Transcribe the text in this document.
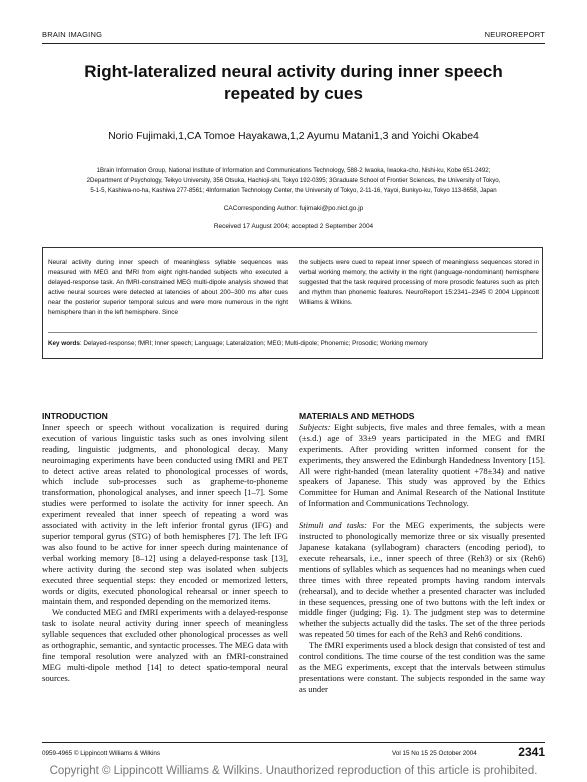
BRAIN IMAGING	NEUROREPORT
Right-lateralized neural activity during inner speech repeated by cues
Norio Fujimaki,1,CA Tomoe Hayakawa,1,2 Ayumu Matani1,3 and Yoichi Okabe4
1Brain Information Group, National Institute of Information and Communications Technology, 588-2 Iwaoka, Iwaoka-cho, Nishi-ku, Kobe 651-2492;
2Department of Psychology, Teikyo University, 356 Otsuka, Hachioji-shi, Tokyo 192-0395; 3Graduate School of Frontier Sciences, the University of Tokyo,
5-1-5, Kashiwa-no-ha, Kashiwa 277-8561; 4Information Technology Center, the University of Tokyo, 2-11-16, Yayoi, Bunkyo-ku, Tokyo 113-8658, Japan
CACorresponding Author: fujimaki@po.nict.go.jp
Received 17 August 2004; accepted 2 September 2004
Neural activity during inner speech of meaningless syllable sequences was measured with MEG and fMRI from eight right-handed subjects who executed a delayed-response task. An fMRI-constrained MEG multi-dipole analysis showed that active neural sources were detected at latencies of about 200–300 ms after cues near the posterior superior temporal sulcus and were more numerous in the right hemisphere than in the left hemisphere. Since
the subjects were cued to repeat inner speech of meaningless sequences stored in verbal working memory, the activity in the right (language-nondominant) hemisphere suggested that the task required processing of more prosodic features such as pitch and rhythm than phonemic features. NeuroReport 15:2341–2345 © 2004 Lippincott Williams & Wilkins.
Key words: Delayed-response; fMRI; Inner speech; Language; Lateralization; MEG; Multi-dipole; Phonemic; Prosodic; Working memory

INTRODUCTION

Inner speech or speech without vocalization is required during execution of various linguistic tasks such as ones involving silent reading, linguistic judgments, and phonological decay. Many neuroimaging experiments have been conducted using fMRI and PET to detect active areas related to phonological processes of words, which include sub-processes such as grapheme-to-phoneme transformation, phonological analyses, and inner speech [1–7]. Some studies were performed to isolate the activity for inner speech. An experiment revealed that inner speech of repeating a word was associated with activity in the left inferior frontal gyrus (IFG) and superior temporal gyrus (STG) of both hemispheres [7]. The left IFG was also found to be active for inner speech during maintenance of verbal working memory [8–12] using a delayed-response task [13], where activity during the second step was isolated when subjects executed three sequential steps: they encoded or memorized letters, words or digits, executed phonological rehearsal or inner speech to maintain them, and responded depending on the memorized items.

We conducted MEG and fMRI experiments with a delayed-response task to isolate neural activity during inner speech of meaningless syllable sequences that excluded other phonological processes as well as orthographic, semantic, and syntactic processes. The MEG data with fine temporal resolution were analyzed with an fMRI-constrained MEG multi-dipole method [14] to detect spatio-temporal neural sources.

MATERIALS AND METHODS

Subjects: Eight subjects, five males and three females, with a mean (±s.d.) age of 33±9 years participated in the MEG and fMRI experiments. After providing written informed consent for the experiments, they answered the Edinburgh Handedness Inventory [15]. All were right-handed (mean laterality quotient +78±34) and native speakers of Japanese. This study was approved by the Ethics Committee for Human and Animal Research of the National Institute of Information and Communications Technology.

Stimuli and tasks: For the MEG experiments, the subjects were instructed to phonologically memorize three or six visually presented Japanese katakana (syllabogram) characters (encoding period), to execute rehearsals, i.e., inner speech of three (Reh3) or six (Reh6) mentions of syllables which as sequences had no meanings when cued three times with three repeated prompts having random intervals (rehearsal), and to decide whether a presented character was included in these sequences, pressing one of two buttons with the left index or middle finger (judging; Fig. 1). The judgment step was to determine whether the subjects actually did the tasks. The set of the three periods was repeated 50 times for each of the Reh3 and Reh6 conditions.

The fMRI experiments used a block design that consisted of test and control conditions. The time course of the test condition was the same as the MEG experiments, except that the intervals between stimulus presentations were constant. The subjects responded in the same way as under

0959-4965 © Lippincott Williams & Wilkins	Vol 15 No 15 25 October 2004	2341
Copyright © Lippincott Williams & Wilkins. Unauthorized reproduction of this article is prohibited.
